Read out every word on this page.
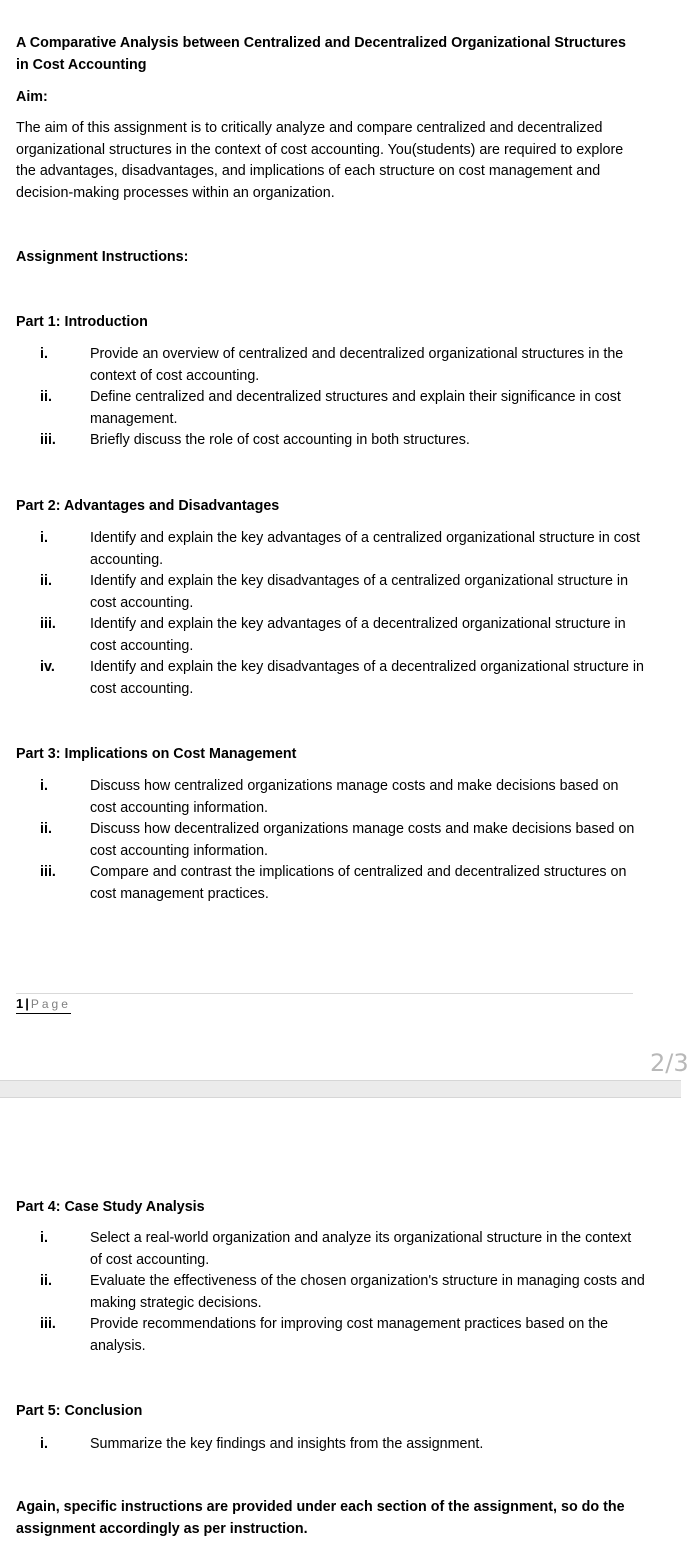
A Comparative Analysis between Centralized and Decentralized Organizational Structures in Cost Accounting
Aim:

The aim of this assignment is to critically analyze and compare centralized and decentralized organizational structures in the context of cost accounting. You(students) are required to explore the advantages, disadvantages, and implications of each structure on cost management and decision-making processes within an organization.

Assignment Instructions:
Part 1: Introduction
i.	Provide an overview of centralized and decentralized organizational structures in the context of cost accounting.
ii.	Define centralized and decentralized structures and explain their significance in cost management.
iii. Briefly discuss the role of cost accounting in both structures.
Part 2: Advantages and Disadvantages
i.	Identify and explain the key advantages of a centralized organizational structure in cost accounting.
ii.	Identify and explain the key disadvantages of a centralized organizational structure in cost accounting.
iii. Identify and explain the key advantages of a decentralized organizational structure in cost accounting.
iv. Identify and explain the key disadvantages of a decentralized organizational structure in cost accounting.
Part 3: Implications on Cost Management
i.	Discuss how centralized organizations manage costs and make decisions based on cost accounting information.
ii.	Discuss how decentralized organizations manage costs and make decisions based on cost accounting information.
iii. Compare and contrast the implications of centralized and decentralized structures on cost management practices.
1 | Page
2/3
Part 4: Case Study Analysis
i.	Select a real-world organization and analyze its organizational structure in the context of cost accounting.
ii.	Evaluate the effectiveness of the chosen organization's structure in managing costs and making strategic decisions.
iii. Provide recommendations for improving cost management practices based on the analysis.
Part 5: Conclusion
i.	Summarize the key findings and insights from the assignment.
Again, specific instructions are provided under each section of the assignment, so do the assignment accordingly as per instruction.
